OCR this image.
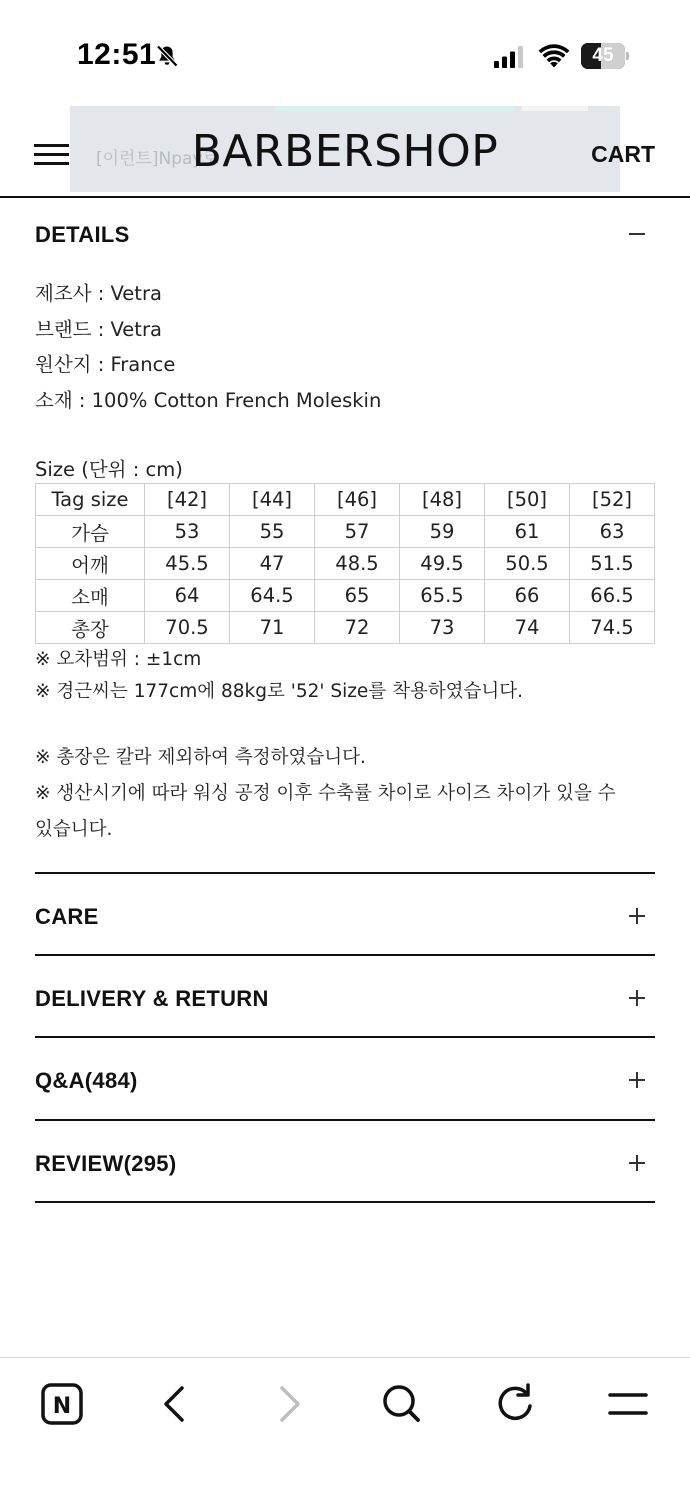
12:51	45
[이런트]Npay로
BARBERSHOP	CART
DETAILS
제조사 : Vetra
브랜드 : Vetra
원산지 : France
소재 : 100% Cotton French Moleskin
Size (단위 : cm)
Tag size	[42]	[44]	[46]	[48]	[50]	[52]
가슴	53	55	57	59	61	63
어깨	45.5	47	48.5	49.5	50.5	51.5
소매	64	64.5	65	65.5	66	66.5
총장	70.5	71	72	73	74	74.5
※ 오차범위 : ±1cm
※ 경근씨는 177cm에 88kg로 '52' Size를 착용하였습니다.
※ 총장은 칼라 제외하여 측정하였습니다.
※ 생산시기에 따라 워싱 공정 이후 수축률 차이로 사이즈 차이가 있을 수
있습니다.
CARE
DELIVERY & RETURN
Q&A(484)
REVIEW(295)
N
